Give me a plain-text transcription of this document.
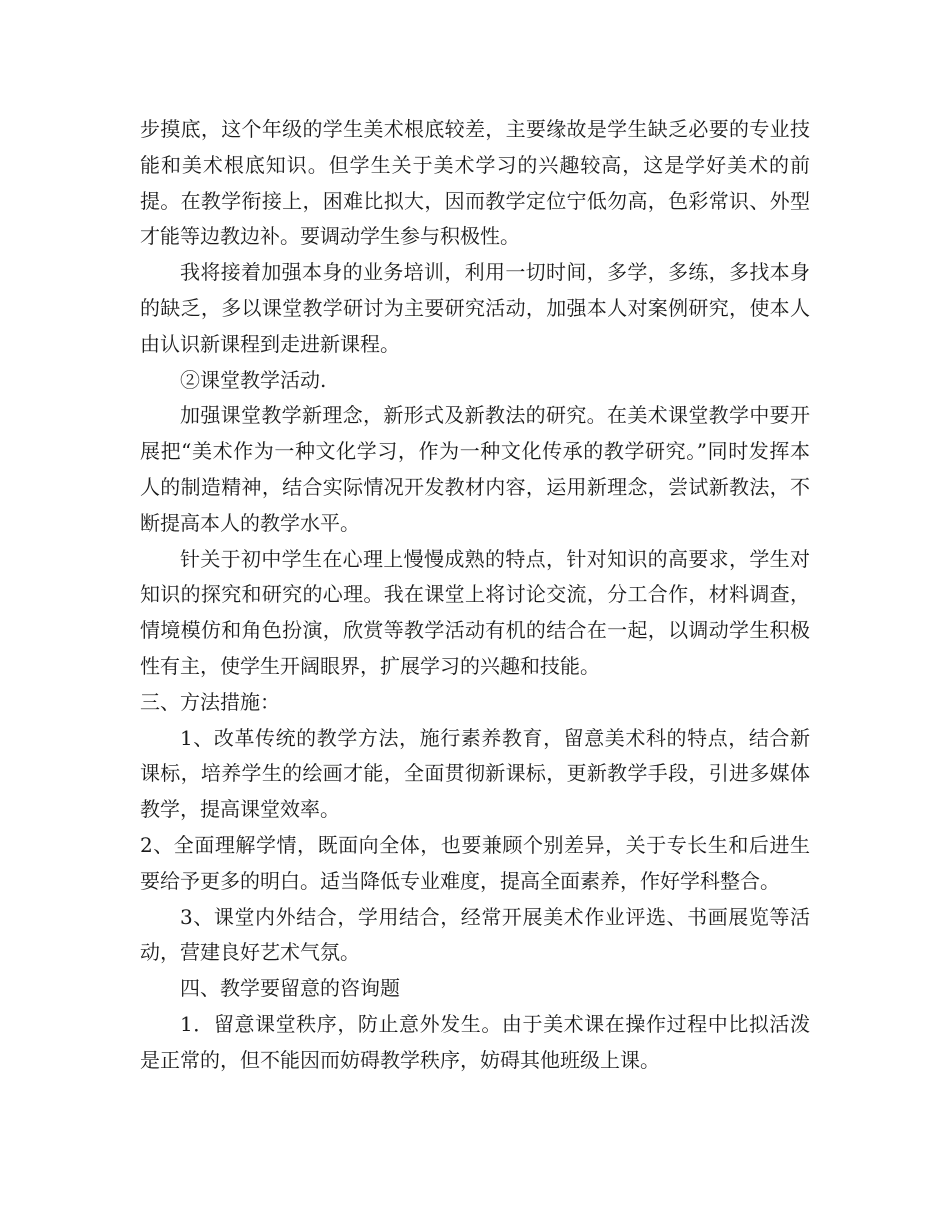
步摸底，这个年级的学生美术根底较差，主要缘故是学生缺乏必要的专业技能和美术根底知识。但学生关于美术学习的兴趣较高，这是学好美术的前提。在教学衔接上，困难比拟大，因而教学定位宁低勿高，色彩常识、外型才能等边教边补。要调动学生参与积极性。

我将接着加强本身的业务培训，利用一切时间，多学，多练，多找本身的缺乏，多以课堂教学研讨为主要研究活动，加强本人对案例研究，使本人由认识新课程到走进新课程。

②课堂教学活动.

加强课堂教学新理念，新形式及新教法的研究。在美术课堂教学中要开展把“美术作为一种文化学习，作为一种文化传承的教学研究。”同时发挥本人的制造精神，结合实际情况开发教材内容，运用新理念，尝试新教法，不断提高本人的教学水平。

针关于初中学生在心理上慢慢成熟的特点，针对知识的高要求，学生对知识的探究和研究的心理。我在课堂上将讨论交流，分工合作，材料调查，情境模仿和角色扮演，欣赏等教学活动有机的结合在一起，以调动学生积极性有主，使学生开阔眼界，扩展学习的兴趣和技能。

三、方法措施：

1、改革传统的教学方法，施行素养教育，留意美术科的特点，结合新课标，培养学生的绘画才能，全面贯彻新课标，更新教学手段，引进多媒体教学，提高课堂效率。

2、全面理解学情，既面向全体，也要兼顾个别差异，关于专长生和后进生要给予更多的明白。适当降低专业难度，提高全面素养，作好学科整合。

3、课堂内外结合，学用结合，经常开展美术作业评选、书画展览等活动，营建良好艺术气氛。

四、教学要留意的咨询题

1．留意课堂秩序，防止意外发生。由于美术课在操作过程中比拟活泼是正常的，但不能因而妨碍教学秩序，妨碍其他班级上课。
